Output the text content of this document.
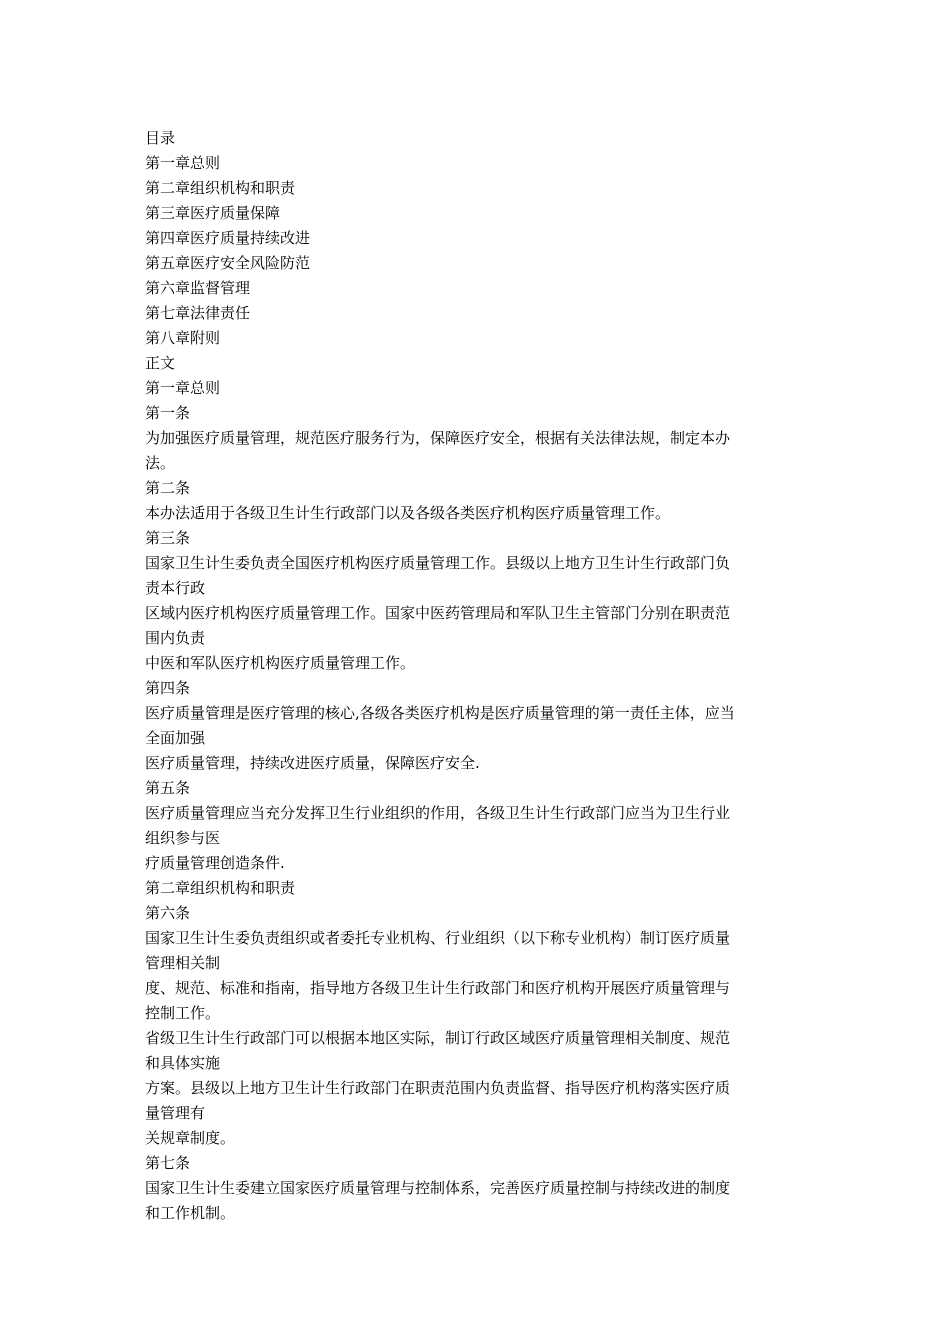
目录
第一章总则
第二章组织机构和职责
第三章医疗质量保障
第四章医疗质量持续改进
第五章医疗安全风险防范
第六章监督管理
第七章法律责任
第八章附则
正文
第一章总则
第一条
为加强医疗质量管理，规范医疗服务行为，保障医疗安全，根据有关法律法规，制定本办
法。
第二条
本办法适用于各级卫生计生行政部门以及各级各类医疗机构医疗质量管理工作。
第三条
国家卫生计生委负责全国医疗机构医疗质量管理工作。县级以上地方卫生计生行政部门负
责本行政
区域内医疗机构医疗质量管理工作。国家中医药管理局和军队卫生主管部门分别在职责范
围内负责
中医和军队医疗机构医疗质量管理工作。
第四条
医疗质量管理是医疗管理的核心,各级各类医疗机构是医疗质量管理的第一责任主体，应当
全面加强
医疗质量管理，持续改进医疗质量，保障医疗安全.
第五条
医疗质量管理应当充分发挥卫生行业组织的作用，各级卫生计生行政部门应当为卫生行业
组织参与医
疗质量管理创造条件.
第二章组织机构和职责
第六条
国家卫生计生委负责组织或者委托专业机构、行业组织（以下称专业机构）制订医疗质量
管理相关制
度、规范、标准和指南，指导地方各级卫生计生行政部门和医疗机构开展医疗质量管理与
控制工作。
省级卫生计生行政部门可以根据本地区实际，制订行政区域医疗质量管理相关制度、规范
和具体实施
方案。县级以上地方卫生计生行政部门在职责范围内负责监督、指导医疗机构落实医疗质
量管理有
关规章制度。
第七条
国家卫生计生委建立国家医疗质量管理与控制体系，完善医疗质量控制与持续改进的制度
和工作机制。
